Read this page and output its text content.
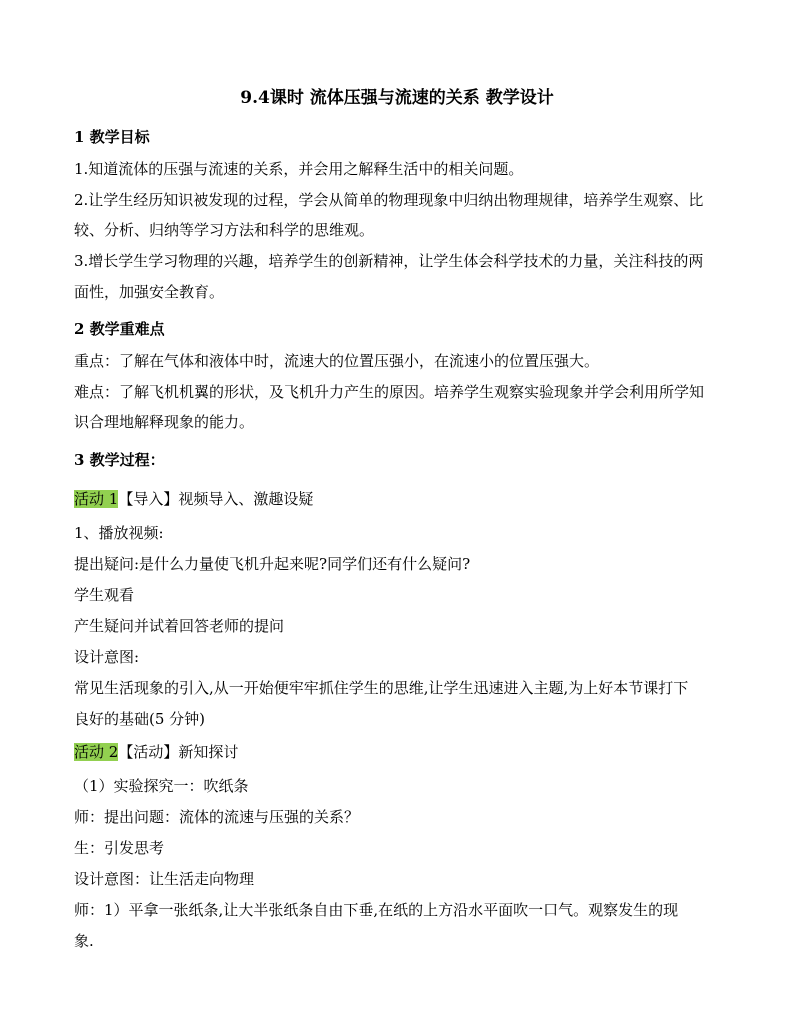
9.4课时 流体压强与流速的关系 教学设计
1 教学目标
1.知道流体的压强与流速的关系，并会用之解释生活中的相关问题。
2.让学生经历知识被发现的过程，学会从简单的物理现象中归纳出物理规律，培养学生观察、比
较、分析、归纳等学习方法和科学的思维观。
3.增长学生学习物理的兴趣，培养学生的创新精神，让学生体会科学技术的力量，关注科技的两
面性，加强安全教育。
2 教学重难点
重点：了解在气体和液体中时，流速大的位置压强小，在流速小的位置压强大。
难点：了解飞机机翼的形状，及飞机升力产生的原因。培养学生观察实验现象并学会利用所学知
识合理地解释现象的能力。
3 教学过程：
活动 1【导入】视频导入、激趣设疑
1、播放视频:
提出疑问:是什么力量使飞机升起来呢?同学们还有什么疑问?
学生观看
产生疑问并试着回答老师的提问
设计意图:
常见生活现象的引入,从一开始便牢牢抓住学生的思维,让学生迅速进入主题,为上好本节课打下
良好的基础(5 分钟)
活动 2【活动】新知探讨
（1）实验探究一：吹纸条
师：提出问题：流体的流速与压强的关系？
生：引发思考
设计意图：让生活走向物理
师：1）平拿一张纸条,让大半张纸条自由下垂,在纸的上方沿水平面吹一口气。观察发生的现
象.
